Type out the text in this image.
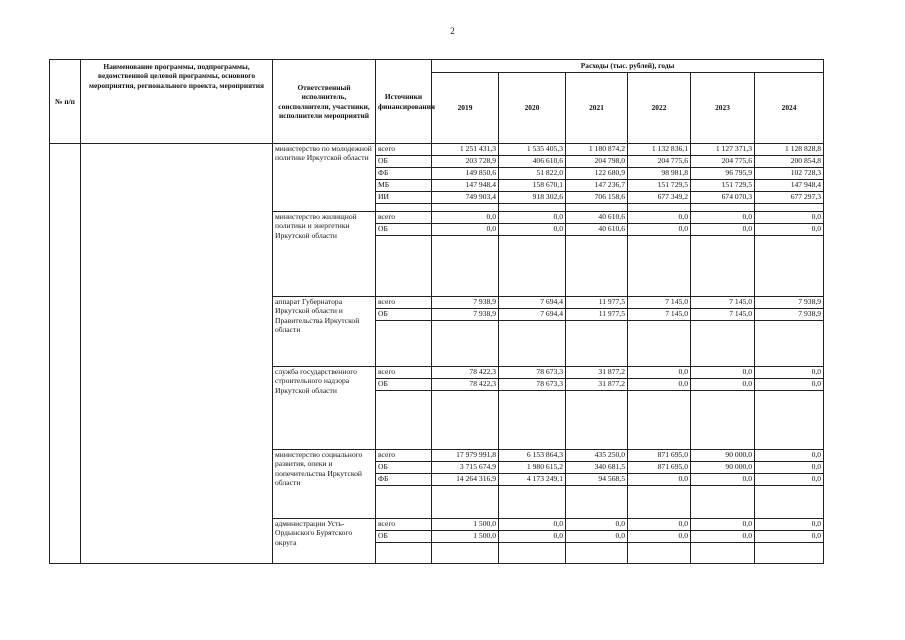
2
№ п/п	Наименование программы, подпрограммы, ведомственной целевой программы, основного мероприятия, регионального проекта, мероприятия	Ответственный исполнитель, соисполнители, участники, исполнители мероприятий	Источники финансирования	Расходы (тыс. рублей), годы					
				2019	2020	2021	2022	2023	2024
		министерство по молодежной политике Иркутской области	всего	1 251 431,3	1 535 405,3	1 180 874,2	1 132 836,1	1 127 371,3	1 128 828,8
			ОБ	203 728,9	406 610,6	204 798,0	204 775,6	204 775,6	200 854,8
			ФБ	149 850,6	51 822,0	122 680,9	98 981,8	96 795,9	102 728,3
			МБ	147 948,4	158 670,1	147 236,7	151 729,5	151 729,5	147 948,4
			ИИ	749 903,4	918 302,6	706 158,6	677 349,2	674 070,3	677 297,3

		министерство жилищной политики и энергетики Иркутской области	всего	0,0	0,0	40 610,6	0,0	0,0	0,0
			ОБ	0,0	0,0	40 610,6	0,0	0,0	0,0

		аппарат Губернатора Иркутской области и Правительства Иркутской области	всего	7 938,9	7 694,4	11 977,5	7 145,0	7 145,0	7 938,9
			ОБ	7 938,9	7 694,4	11 977,5	7 145,0	7 145,0	7 938,9

		служба государственного строительного надзора Иркутской области	всего	78 422,3	78 673,3	31 877,2	0,0	0,0	0,0
			ОБ	78 422,3	78 673,3	31 877,2	0,0	0,0	0,0

		министерство социального развития, опеки и попечительства Иркутской области	всего	17 979 991,8	6 153 864,3	435 250,0	871 695,0	90 000,0	0,0
			ОБ	3 715 674,9	1 980 615,2	340 681,5	871 695,0	90 000,0	0,0
			ФБ	14 264 316,9	4 173 249,1	94 568,5	0,0	0,0	0,0

		администрации Усть-Ордынского Бурятского округа	всего	1 500,0	0,0	0,0	0,0	0,0	0,0
			ОБ	1 500,0	0,0	0,0	0,0	0,0	0,0
